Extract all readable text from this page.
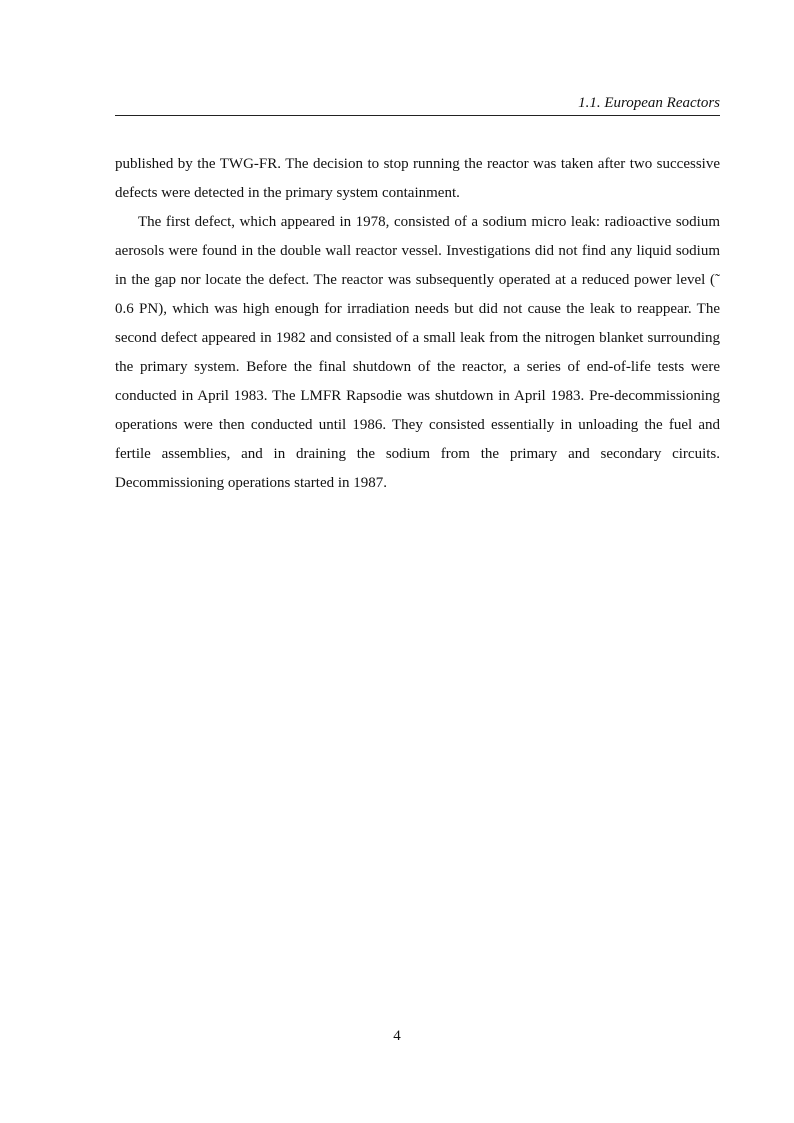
1.1. European Reactors

published by the TWG-FR. The decision to stop running the reactor was taken after two successive defects were detected in the primary system containment.

The first defect, which appeared in 1978, consisted of a sodium micro leak: radioactive sodium aerosols were found in the double wall reactor vessel. Investigations did not find any liquid sodium in the gap nor locate the defect. The reactor was subsequently operated at a reduced power level (˜ 0.6 PN), which was high enough for irradiation needs but did not cause the leak to reappear. The second defect appeared in 1982 and consisted of a small leak from the nitrogen blanket surrounding the primary system. Before the final shutdown of the reactor, a series of end-of-life tests were conducted in April 1983. The LMFR Rapsodie was shutdown in April 1983. Pre-decommissioning operations were then conducted until 1986. They consisted essentially in unloading the fuel and fertile assemblies, and in draining the sodium from the primary and secondary circuits. Decommissioning operations started in 1987.

4
